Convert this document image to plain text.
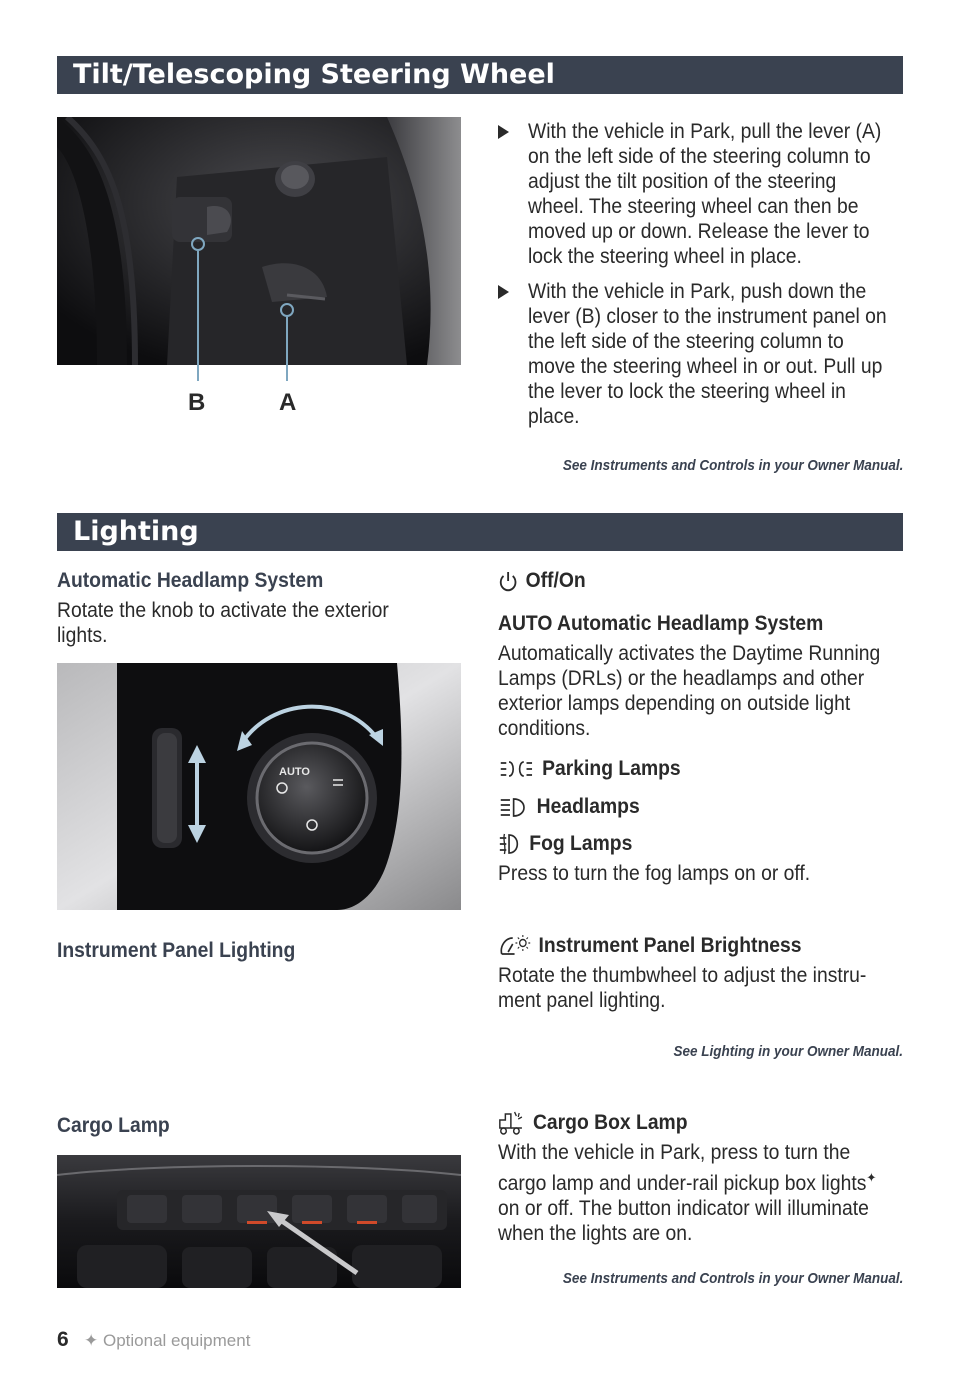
Tilt/Telescoping Steering Wheel
B	A
With the vehicle in Park, pull the lever (A) on the left side of the steering column to adjust the tilt position of the steering wheel. The steering wheel can then be moved up or down. Release the lever to lock the steering wheel in place.
With the vehicle in Park, push down the lever (B) closer to the instrument panel on the left side of the steering column to move the steering wheel in or out. Pull up the lever to lock the steering wheel in place.
See Instruments and Controls in your Owner Manual.
Lighting
Automatic Headlamp System
Rotate the knob to activate the exterior lights.
AUTO
Off/On
AUTO Automatic Headlamp System
Automatically activates the Daytime Running Lamps (DRLs) or the headlamps and other exterior lamps depending on outside light conditions.
Parking Lamps
Headlamps
Fog Lamps
Press to turn the fog lamps on or off.
Instrument Panel Lighting	Instrument Panel Brightness
Rotate the thumbwheel to adjust the instrument panel lighting.
See Lighting in your Owner Manual.
Cargo Lamp	Cargo Box Lamp
With the vehicle in Park, press to turn the cargo lamp and under-rail pickup box lights✦ on or off. The button indicator will illuminate when the lights are on.
See Instruments and Controls in your Owner Manual.
6 ✦ Optional equipment
